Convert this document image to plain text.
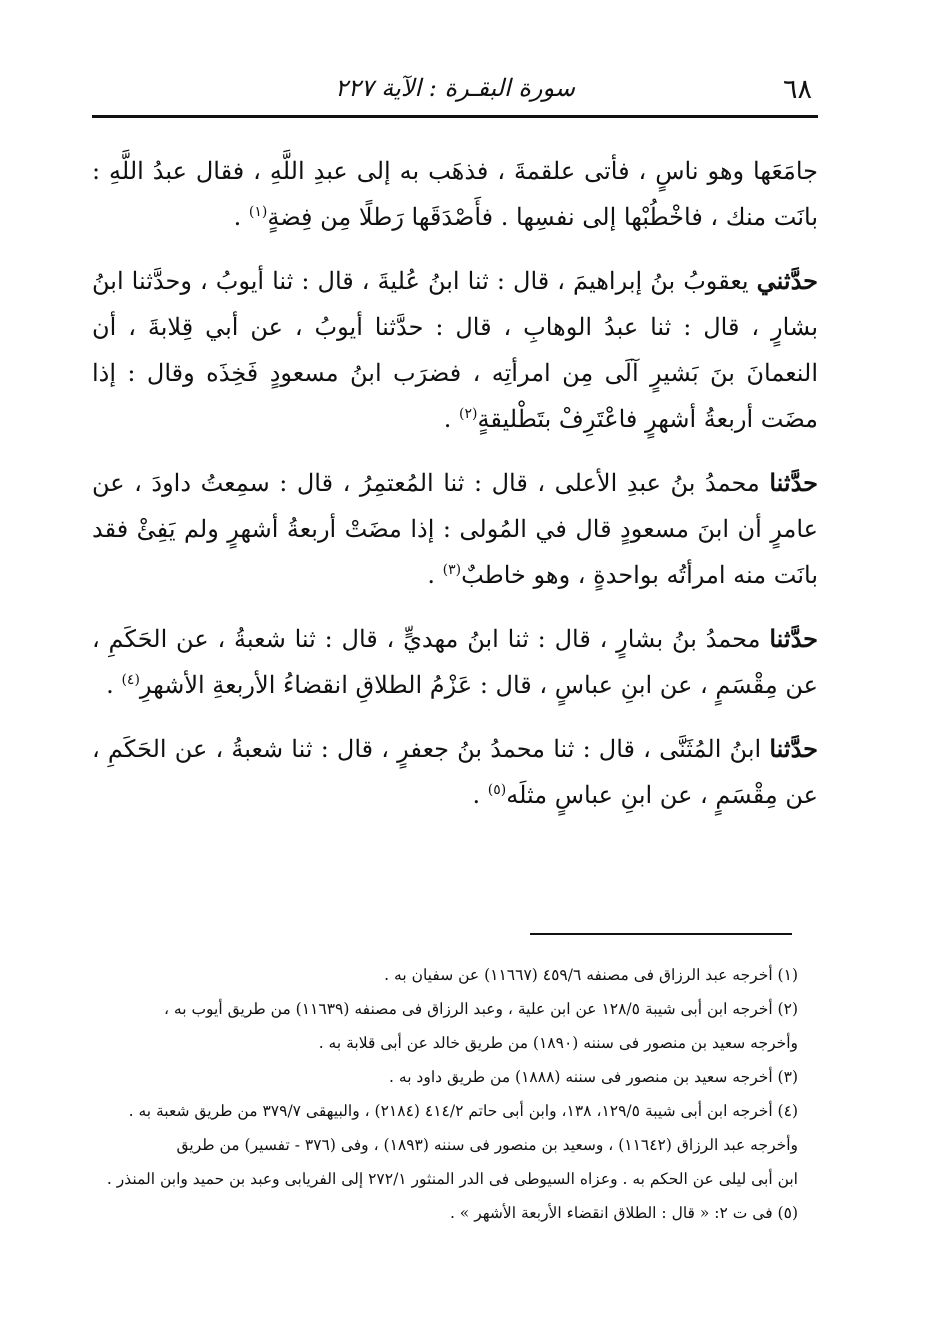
٦٨
سورة البقـرة : الآية ٢٢٧

جامَعَها وهو ناسٍ ، فأتى علقمةَ ، فذهَب به إلى عبدِ اللَّهِ ، فقال عبدُ اللَّهِ : بانَت منك ، فاخْطُبْها إلى نفسِها . فأَصْدَقَها رَطلًا مِن فِضةٍ$^{(١)}$ .

حدَّثني يعقوبُ بنُ إبراهيمَ ، قال : ثنا ابنُ عُليةَ ، قال : ثنا أيوبُ ، وحدَّثنا ابنُ بشارٍ ، قال : ثنا عبدُ الوهابِ ، قال : حدَّثنا أيوبُ ، عن أبي قِلابةَ ، أن النعمانَ بنَ بَشيرٍ آلَى مِن امرأتِه ، فضرَب ابنُ مسعودٍ فَخِذَه وقال : إذا مضَت أربعةُ أشهرٍ فاعْتَرِفْ بتَطْليقةٍ$^{(٢)}$ .

حدَّثنا محمدُ بنُ عبدِ الأعلى ، قال : ثنا المُعتمِرُ ، قال : سمِعتُ داودَ ، عن عامرٍ أن ابنَ مسعودٍ قال في المُولى : إذا مضَتْ أربعةُ أشهرٍ ولم يَفِئْ فقد بانَت منه امرأتُه بواحدةٍ ، وهو خاطبٌ$^{(٣)}$ .

حدَّثنا محمدُ بنُ بشارٍ ، قال : ثنا ابنُ مهديٍّ ، قال : ثنا شعبةُ ، عن الحَكَمِ ، عن مِقْسَمٍ ، عن ابنِ عباسٍ ، قال : عَزْمُ الطلاقِ انقضاءُ الأربعةِ الأشهرِ$^{(٤)}$ .

حدَّثنا ابنُ المُثَنَّى ، قال : ثنا محمدُ بنُ جعفرٍ ، قال : ثنا شعبةُ ، عن الحَكَمِ ، عن مِقْسَمٍ ، عن ابنِ عباسٍ مثلَه$^{(٥)}$ .

(١) أخرجه عبد الرزاق فى مصنفه ٤٥٩/٦ (١١٦٦٧) عن سفيان به .

(٢) أخرجه ابن أبى شيبة ١٢٨/٥ عن ابن علية ، وعبد الرزاق فى مصنفه (١١٦٣٩) من طريق أيوب به ،

وأخرجه سعيد بن منصور فى سننه (١٨٩٠) من طريق خالد عن أبى قلابة به .

(٣) أخرجه سعيد بن منصور فى سننه (١٨٨٨) من طريق داود به .

(٤) أخرجه ابن أبى شيبة ١٢٩/٥، ١٣٨، وابن أبى حاتم ٤١٤/٢ (٢١٨٤) ، والبيهقى ٣٧٩/٧ من طريق شعبة به .

وأخرجه عبد الرزاق (١١٦٤٢) ، وسعيد بن منصور فى سننه (١٨٩٣) ، وفى (٣٧٦ - تفسير) من طريق

ابن أبى ليلى عن الحكم به . وعزاه السيوطى فى الدر المنثور ٢٧٢/١ إلى الفريابى وعبد بن حميد وابن المنذر .

(٥) فى ت ٢: « قال : الطلاق انقضاء الأربعة الأشهر » .
